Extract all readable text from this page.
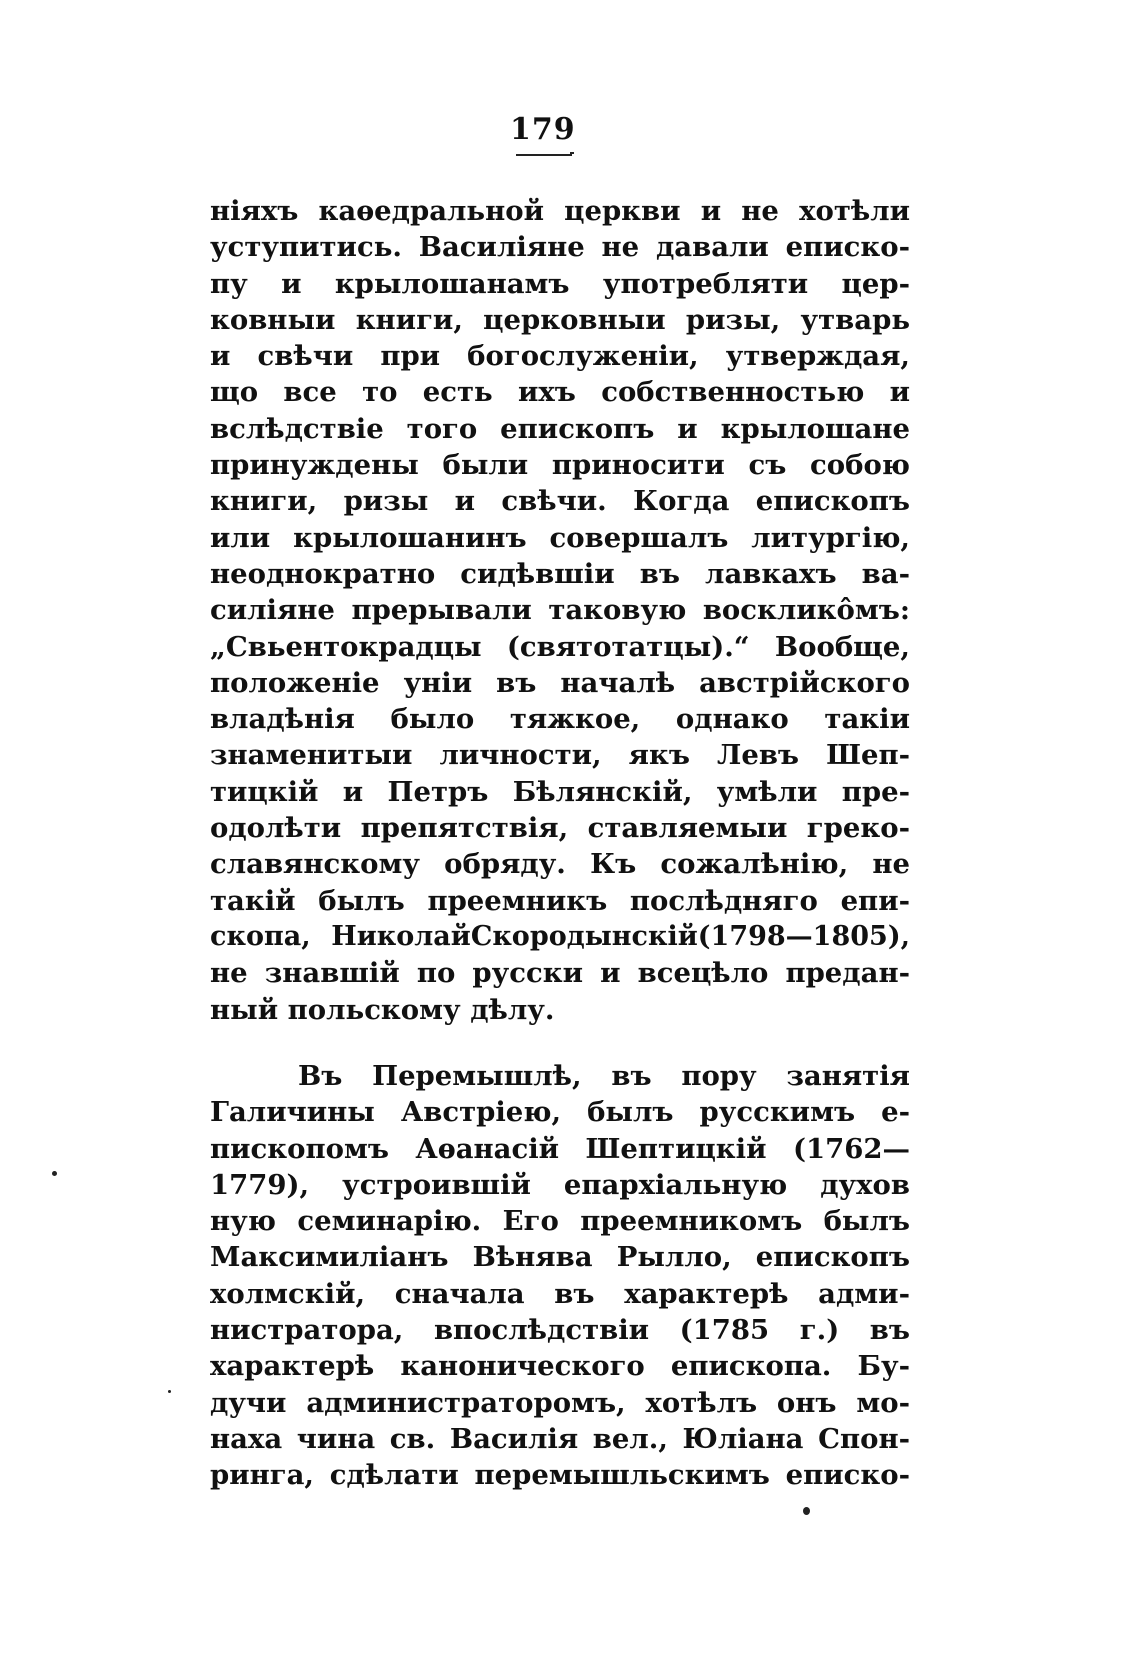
179
ніяхъ каѳедральной церкви и не хотѣли
уступитись. Василіяне не давали еписко-
пу и крылошанамъ употребляти цер-
ковныи книги, церковныи ризы, утварь
и свѣчи при богослуженіи, утверждая,
що все то есть ихъ собственностью и
вслѣдствіе того епископъ и крылошане
принуждены были приносити съ собою
книги, ризы и свѣчи. Когда епископъ
или крылошанинъ совершалъ литургію,
неоднократно сидѣвшіи въ лавкахъ ва-
силіяне прерывали таковую восклико̂мъ:
„Свьентокрадцы (святотатцы).“ Вообще,
положеніе уніи въ началѣ австрійского
владѣнія было тяжкое, однако такіи
знаменитыи личности, якъ Левъ Шеп-
тицкій и Петръ Бѣлянскій, умѣли пре-
одолѣти препятствія, ставляемыи греко-
славянскому обряду. Къ сожалѣнію, не
такій былъ преемникъ послѣдняго епи-
скопа, НиколайСкородынскій(1798—1805),
не знавшій по русски и всецѣло предан-
ный польскому дѣлу.
Въ Перемышлѣ, въ пору занятія
Галичины Австріею, былъ русскимъ е-
пископомъ Аѳанасій Шептицкій (1762—
1779), устроившій епархіальную духов
ную семинарію. Его преемникомъ былъ
Максимиліанъ Вѣнява Рылло, епископъ
холмскій, сначала въ характерѣ адми-
нистратора, впослѣдствіи (1785 г.) въ
характерѣ канонического епископа. Бу-
дучи администраторомъ, хотѣлъ онъ мо-
наха чина св. Василія вел., Юліана Спон-
ринга, сдѣлати перемышльскимъ еписко-
